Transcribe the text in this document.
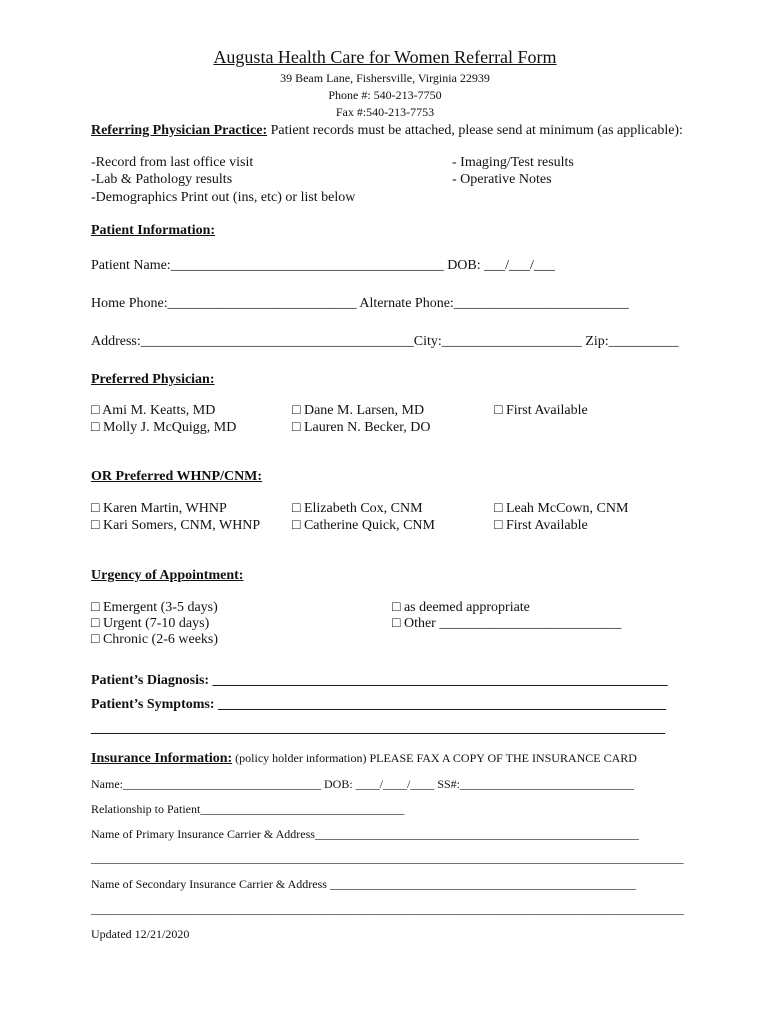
Augusta Health Care for Women Referral Form
39 Beam Lane, Fishersville, Virginia 22939
Phone #: 540-213-7750
Fax #:540-213-7753
Referring Physician Practice: Patient records must be attached, please send at minimum (as applicable):
-Record from last office visit
-Lab & Pathology results
-Demographics Print out (ins, etc) or list below
- Imaging/Test results
- Operative Notes
Patient Information:
Patient Name:_______________________________________ DOB: ___/___/___
Home Phone:___________________________ Alternate Phone:_________________________
Address:_______________________________________City:____________________ Zip:__________
Preferred Physician:
□ Ami M. Keatts, MD
□ Molly J. McQuigg, MD
□ Dane M. Larsen, MD
□ Lauren N. Becker, DO
□ First Available
OR Preferred WHNP/CNM:
□ Karen Martin, WHNP
□ Kari Somers, CNM, WHNP
□ Elizabeth Cox, CNM
□ Catherine Quick, CNM
□ Leah McCown, CNM
□ First Available
Urgency of Appointment:
□ Emergent (3-5 days)
□ Urgent (7-10 days)
□ Chronic (2-6 weeks)
□ as deemed appropriate
□ Other __________________________
Patient’s Diagnosis: _________________________________________________________________
Patient’s Symptoms: ________________________________________________________________
__________________________________________________________________________________
Insurance Information: (policy holder information) PLEASE FAX A COPY OF THE INSURANCE CARD
Name:_________________________________ DOB: ____/____/____ SS#:_____________________________
Relationship to Patient__________________________________
Name of Primary Insurance Carrier & Address______________________________________________________
_____________________________________________________________________________________________________
Name of Secondary Insurance Carrier & Address ___________________________________________________
____________________________________________________________________________________________________
Updated 12/21/2020
